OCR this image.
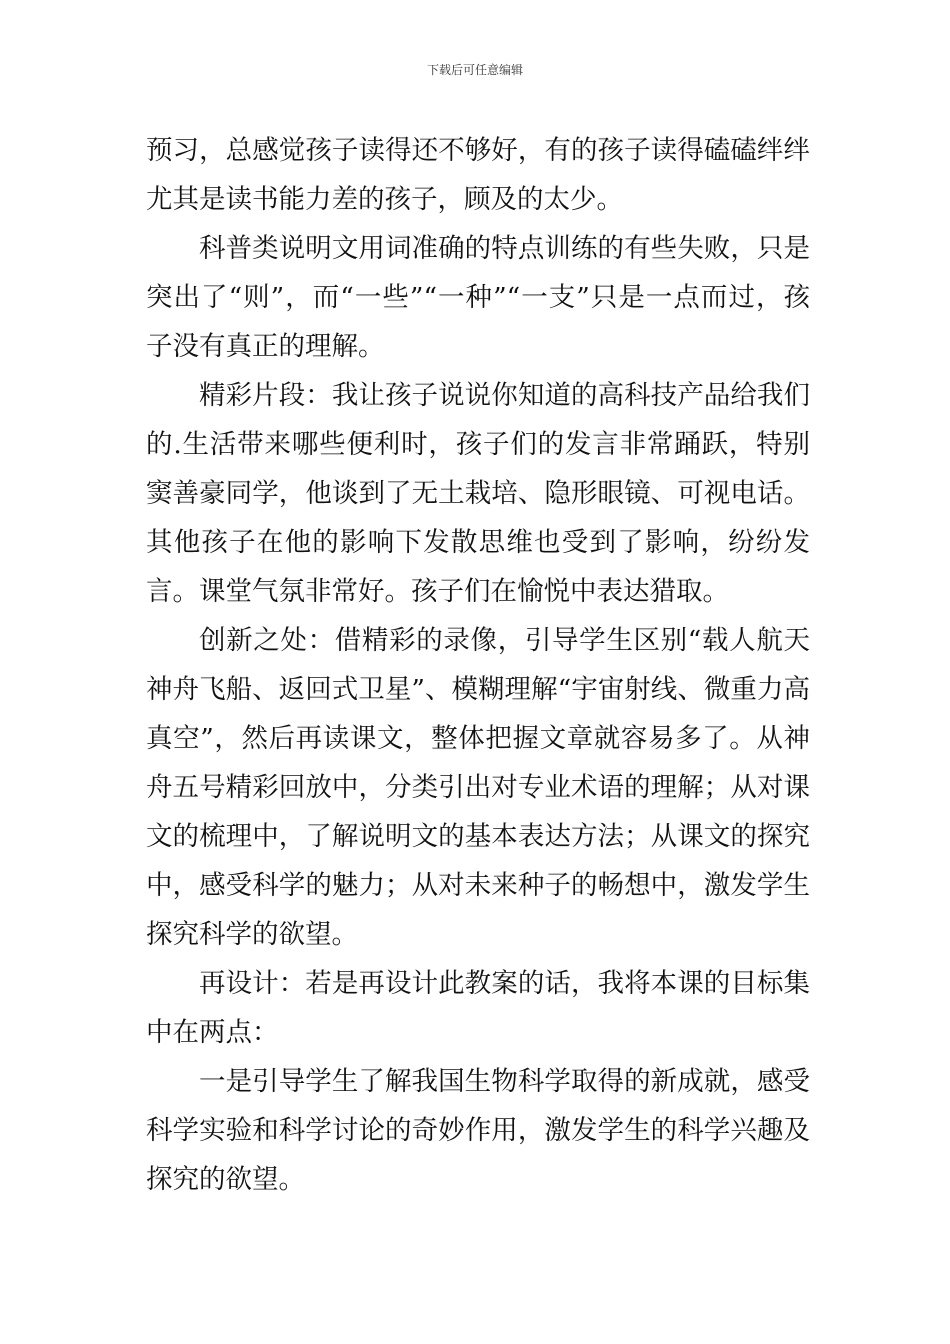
下载后可任意编辑

预习，总感觉孩子读得还不够好，有的孩子读得磕磕绊绊尤其是读书能力差的孩子，顾及的太少。

科普类说明文用词准确的特点训练的有些失败，只是突出了“则”，而“一些”“一种”“一支”只是一点而过，孩子没有真正的理解。

精彩片段：我让孩子说说你知道的高科技产品给我们的.生活带来哪些便利时，孩子们的发言非常踊跃，特别窦善豪同学，他谈到了无土栽培、隐形眼镜、可视电话。其他孩子在他的影响下发散思维也受到了影响，纷纷发言。课堂气氛非常好。孩子们在愉悦中表达猎取。

创新之处：借精彩的录像，引导学生区别“载人航天神舟飞船、返回式卫星”、模糊理解“宇宙射线、微重力高真空”，然后再读课文，整体把握文章就容易多了。从神舟五号精彩回放中，分类引出对专业术语的理解；从对课文的梳理中，了解说明文的基本表达方法；从课文的探究中，感受科学的魅力；从对未来种子的畅想中，激发学生探究科学的欲望。

再设计：若是再设计此教案的话，我将本课的目标集中在两点：

一是引导学生了解我国生物科学取得的新成就，感受科学实验和科学讨论的奇妙作用，激发学生的科学兴趣及探究的欲望。
